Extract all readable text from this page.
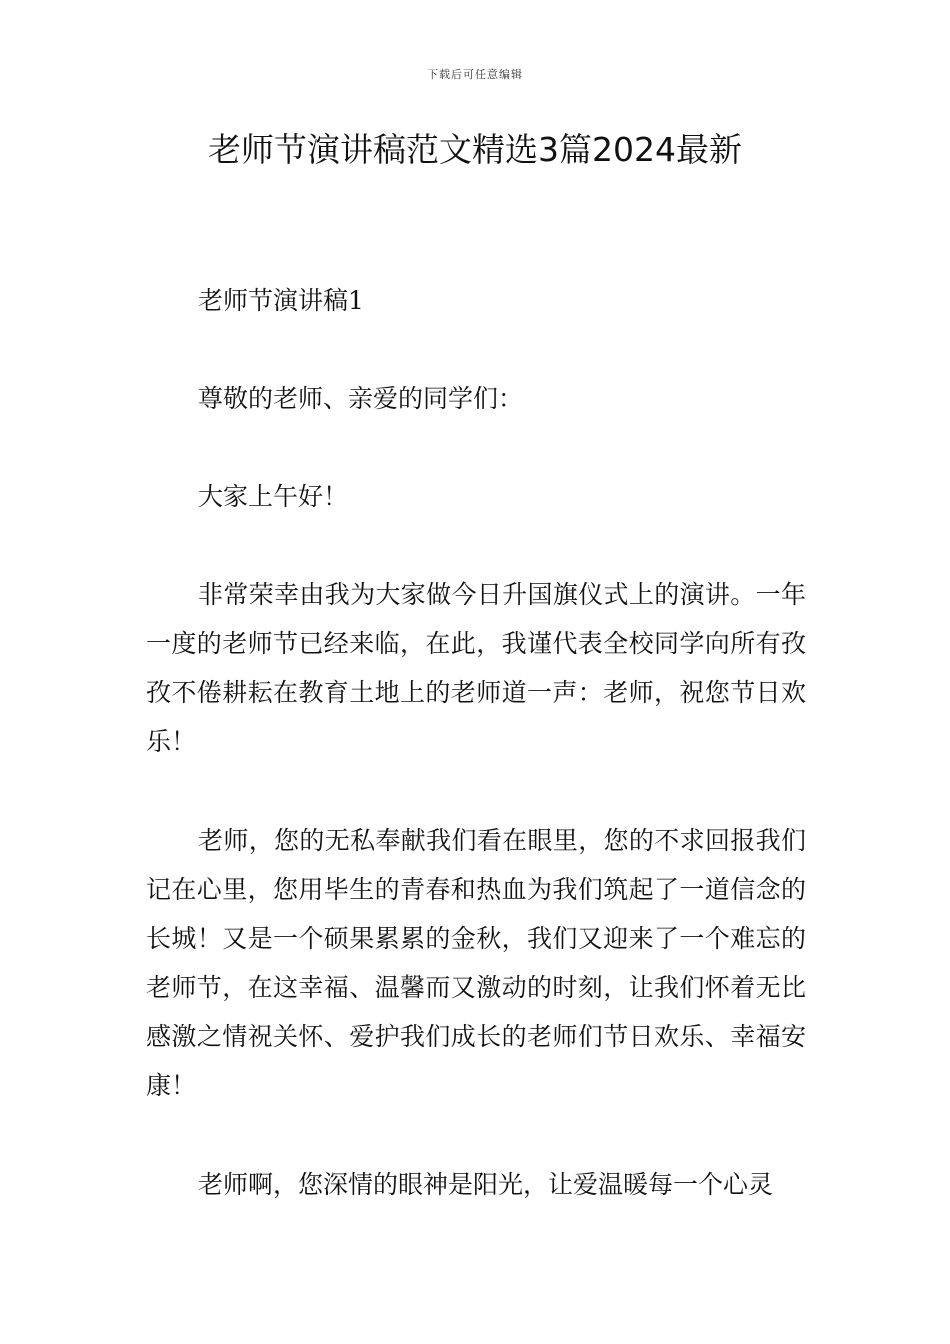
下载后可任意编辑
老师节演讲稿范文精选3篇2024最新

老师节演讲稿1

尊敬的老师、亲爱的同学们：

大家上午好！

非常荣幸由我为大家做今日升国旗仪式上的演讲。一年一度的老师节已经来临，在此，我谨代表全校同学向所有孜孜不倦耕耘在教育土地上的老师道一声：老师，祝您节日欢乐！

老师，您的无私奉献我们看在眼里，您的不求回报我们记在心里，您用毕生的青春和热血为我们筑起了一道信念的长城！又是一个硕果累累的金秋，我们又迎来了一个难忘的老师节，在这幸福、温馨而又激动的时刻，让我们怀着无比感激之情祝关怀、爱护我们成长的老师们节日欢乐、幸福安康！

老师啊，您深情的眼神是阳光，让爱温暖每一个心灵
